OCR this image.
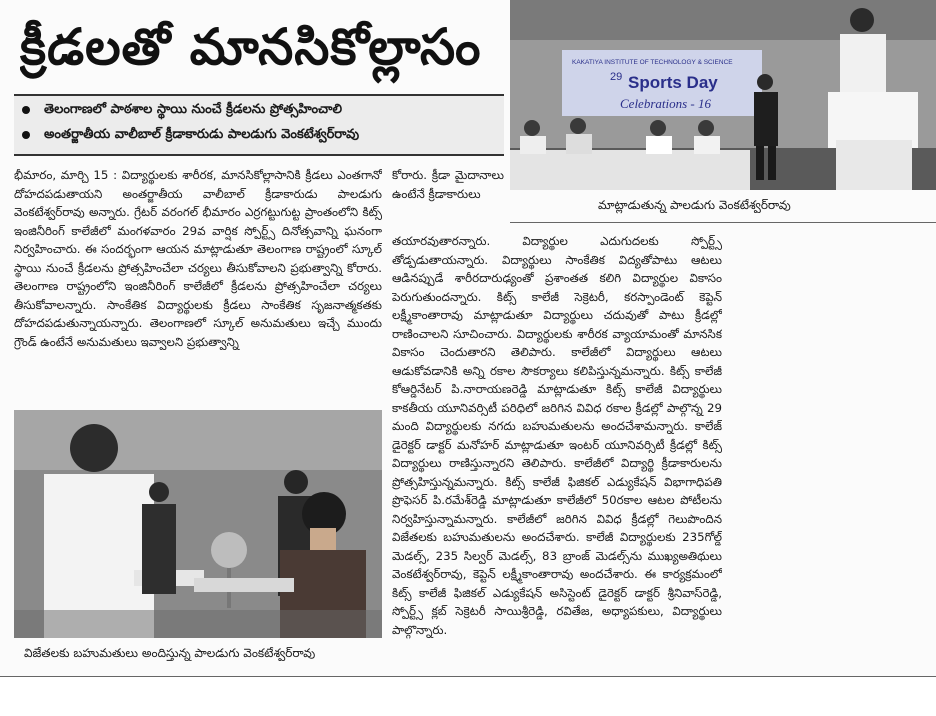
క్రీడలతో మానసికోల్లాసం
తెలంగాణలో పాఠశాల స్థాయి నుంచే క్రీడలను ప్రోత్సహించాలి
అంతర్జాతీయ వాలీబాల్ క్రీడాకారుడు పాలడుగు వెంకటేశ్వర్‌రావు
KAKATIYA INSTITUTE OF TECHNOLOGY & SCIENCE
29 Sports Day
Celebrations - 16
మాట్లాడుతున్న పాలడుగు వెంకటేశ్వర్‌రావు

భీమారం, మార్చి 15 : విద్యార్థులకు శారీరక, మానసికోల్లాసానికి క్రీడలు ఎంతగానో దోహదపడుతాయని అంతర్జాతీయ వాలీబాల్ క్రీడాకారుడు పాలడుగు వెంకటేశ్వర్‌రావు అన్నారు. గ్రేటర్ వరంగల్ భీమారం ఎర్రగట్టుగుట్ట ప్రాంతంలోని కిట్స్ ఇంజినీరింగ్ కాలేజీలో మంగళవారం 29వ వార్షిక స్పోర్ట్స్ దినోత్సవాన్ని ఘనంగా నిర్వహించారు. ఈ సందర్భంగా ఆయన మాట్లాడుతూ తెలంగాణ రాష్ట్రంలో స్కూల్ స్థాయి నుంచే క్రీడలను ప్రోత్సహించేలా చర్యలు తీసుకోవాలని ప్రభుత్వాన్ని కోరారు. తెలంగాణ రాష్ట్రంలోని ఇంజినీరింగ్ కాలేజీలో క్రీడలను ప్రోత్సహించేలా చర్యలు తీసుకోవాలన్నారు. సాంకేతిక విద్యార్థులకు క్రీడలు సాంకేతిక సృజనాత్మకతకు దోహదపడుతున్నాయన్నారు. తెలంగాణలో స్కూల్ అనుమతులు ఇచ్చే ముందు గ్రౌండ్ ఉంటేనే అనుమతులు ఇవ్వాలని ప్రభుత్వాన్ని

కోరారు. క్రీడా మైదానాలు ఉంటేనే క్రీడాకారులు

తయారవుతారన్నారు. విద్యార్థుల ఎదుగుదలకు స్పోర్ట్స్ తోడ్పడుతాయన్నారు. విద్యార్థులు సాంకేతిక విద్యతోపాటు ఆటలు ఆడినప్పుడే శారీరదారుఢ్యంతో ప్రశాంతత కలిగి విద్యార్థుల వికాసం పెరుగుతుందన్నారు. కిట్స్ కాలేజీ సెక్రెటరీ, కరస్పాండెంట్ కెప్టెన్ లక్ష్మీకాంతారావు మాట్లాడుతూ విద్యార్థులు చదువుతో పాటు క్రీడల్లో రాణించాలని సూచించారు. విద్యార్థులకు శారీరక వ్యాయామంతో మానసిక వికాసం చెందుతారని తెలిపారు. కాలేజీలో విద్యార్థులు ఆటలు ఆడుకోవడానికి అన్ని రకాల సౌకర్యాలు కలిపిస్తున్నమన్నారు. కిట్స్ కాలేజీ కోఆర్డినేటర్ పి.నారాయణరెడ్డి మాట్లాడుతూ కిట్స్ కాలేజీ విద్యార్థులు కాకతీయ యూనివర్సిటీ పరిధిలో జరిగిన వివిధ రకాల క్రీడల్లో పాల్గొన్న 29 మంది విద్యార్థులకు నగదు బహుమతులను అందచేశామన్నారు. కాలేజ్ డైరెక్టర్ డాక్టర్ మనోహర్ మాట్లాడుతూ ఇంటర్ యూనివర్సిటీ క్రీడల్లో కిట్స్ విద్యార్థులు రాణిస్తున్నారని తెలిపారు. కాలేజీలో విద్యార్థి క్రీడాకారులను ప్రోత్సహిస్తున్నమన్నారు. కిట్స్ కాలేజీ ఫిజికల్ ఎడ్యుకేషన్ విభాగాధిపతి ప్రొఫెసర్ పి.రమేశ్‌రెడ్డి మాట్లాడుతూ కాలేజీలో 50రకాల ఆటల పోటీలను నిర్వహిస్తున్నామన్నారు. కాలేజీలో జరిగిన వివిధ క్రీడల్లో గెలుపొందిన విజేతలకు బహుమతులను అందచేశారు. కాలేజీ విద్యార్థులకు 235గోల్డ్ మెడల్స్, 235 సిల్వర్ మెడల్స్, 83 బ్రాంజ్ మెడల్స్‌ను ముఖ్యఅతిథులు వెంకటేశ్వర్‌రావు, కెప్టెన్ లక్ష్మీకాంతారావు అందచేశారు. ఈ కార్యక్రమంలో కిట్స్ కాలేజీ ఫిజికల్ ఎడ్యుకేషన్ అసిస్టెంట్ డైరెక్టర్ డాక్టర్ శ్రీనివాస్‌రెడ్డి, స్పోర్ట్స్ క్లబ్ సెక్రెటరీ సాయిశ్రీరెడ్డి, రవితేజ, అధ్యాపకులు, విద్యార్థులు పాల్గొన్నారు.

విజేతలకు బహుమతులు అందిస్తున్న పాలడుగు వెంకటేశ్వర్‌రావు
